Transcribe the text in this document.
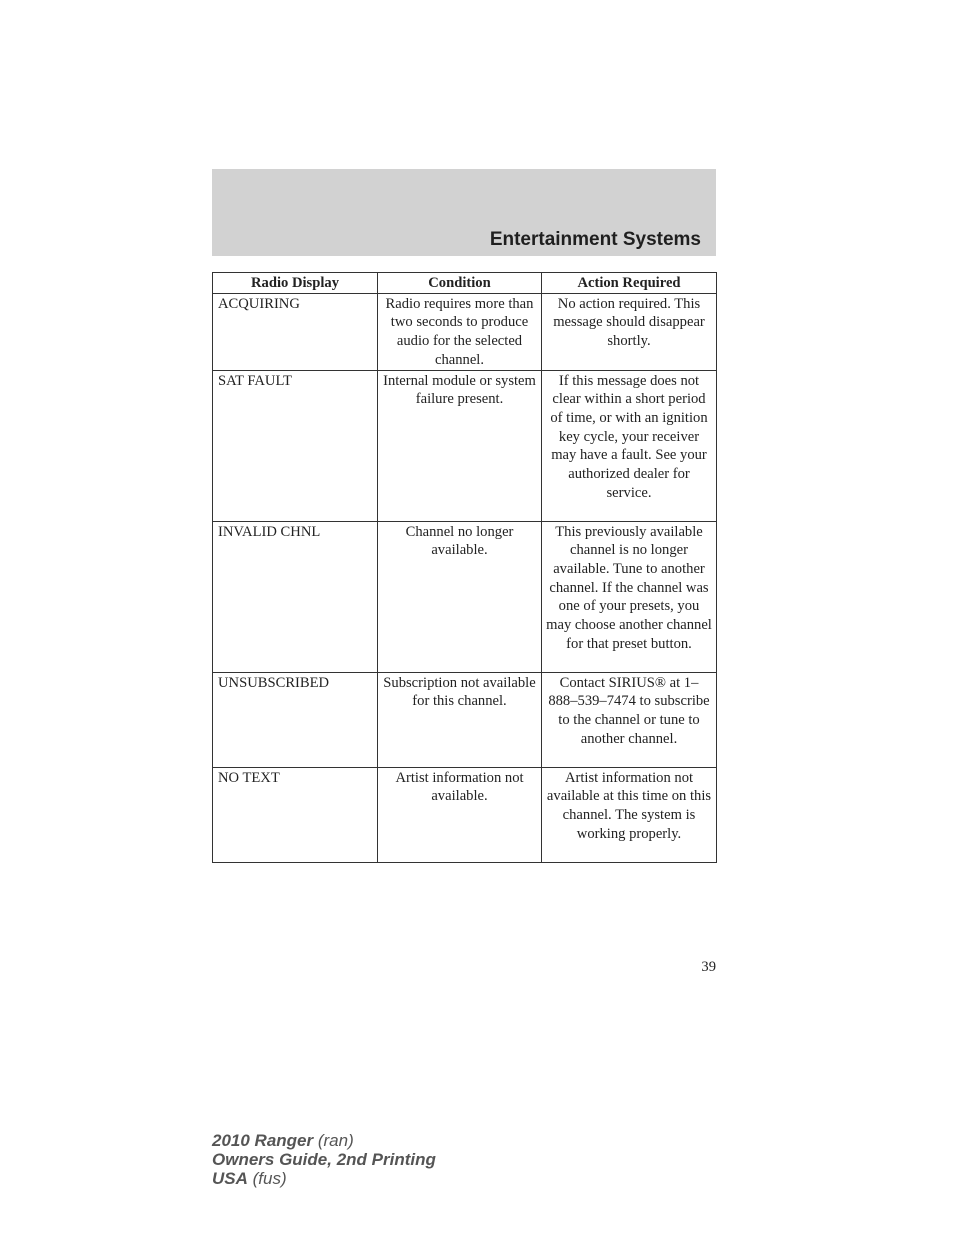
Entertainment Systems
Radio Display	Condition	Action Required
ACQUIRING	Radio requires more than two seconds to produce audio for the selected channel.	No action required. This message should disappear shortly.
SAT FAULT	Internal module or system failure present.	If this message does not clear within a short period of time, or with an ignition key cycle, your receiver may have a fault. See your authorized dealer for service.
INVALID CHNL	Channel no longer available.	This previously available channel is no longer available. Tune to another channel. If the channel was one of your presets, you may choose another channel for that preset button.
UNSUBSCRIBED	Subscription not available for this channel.	Contact SIRIUS® at 1–888–539–7474 to subscribe to the channel or tune to another channel.
NO TEXT	Artist information not available.	Artist information not available at this time on this channel. The system is working properly.
39
2010 Ranger (ran)
Owners Guide, 2nd Printing
USA (fus)
